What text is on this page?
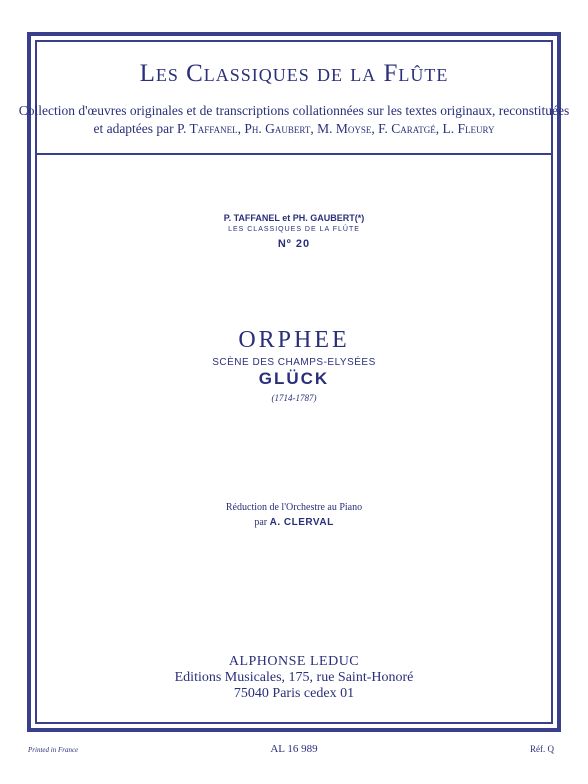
Les Classiques de la Flûte
Collection d'œuvres originales et de transcriptions collationnées sur les textes originaux, reconstituées
et adaptées par P. Taffanel, Ph. Gaubert, M. Moyse, F. Caratgé, L. Fleury
P. TAFFANEL et PH. GAUBERT(*)
LES CLASSIQUES DE LA FLÛTE
Nº 20
ORPHEE
SCÈNE DES CHAMPS-ELYSÉES
GLÜCK
(1714-1787)
Réduction de l'Orchestre au Piano
par A. CLERVAL
ALPHONSE LEDUC
Editions Musicales, 175, rue Saint-Honoré
75040 Paris cedex 01
Printed in France	AL 16 989	Réf. Q
